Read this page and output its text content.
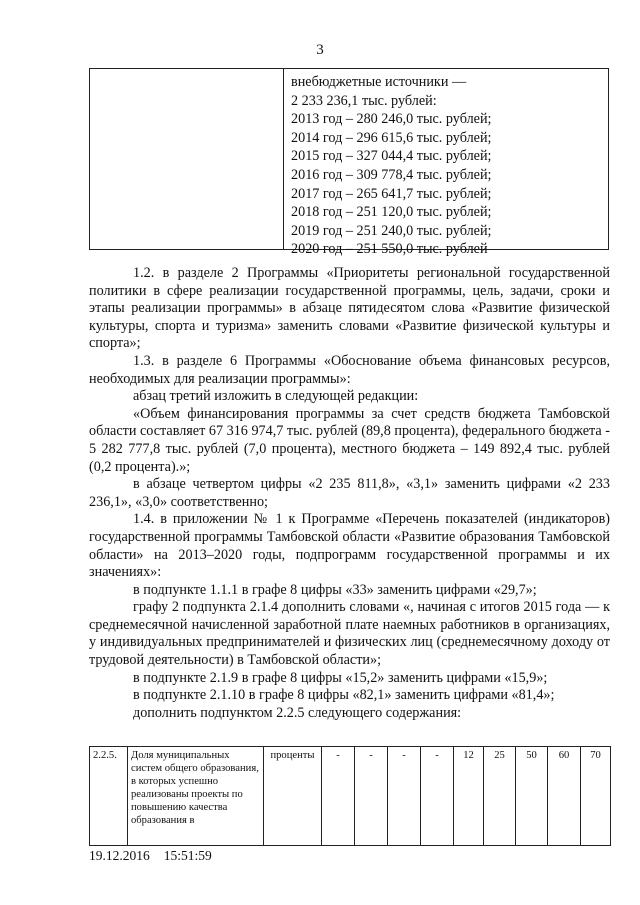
3
внебюджетные источники —
2 233 236,1 тыс. рублей:
2013 год – 280 246,0 тыс. рублей;
2014 год – 296 615,6 тыс. рублей;
2015 год – 327 044,4 тыс. рублей;
2016 год – 309 778,4 тыс. рублей;
2017 год – 265 641,7 тыс. рублей;
2018 год – 251 120,0 тыс. рублей;
2019 год – 251 240,0 тыс. рублей;
2020 год – 251 550,0 тыс. рублей

1.2. в разделе 2 Программы «Приоритеты региональной государственной политики в сфере реализации государственной программы, цель, задачи, сроки и этапы реализации программы» в абзаце пятидесятом слова «Развитие физической культуры, спорта и туризма» заменить словами «Развитие физической культуры и спорта»;

1.3. в разделе 6 Программы «Обоснование объема финансовых ресурсов, необходимых для реализации программы»:

абзац третий изложить в следующей редакции:

«Объем финансирования программы за счет средств бюджета Тамбовской области составляет 67 316 974,7 тыс. рублей (89,8 процента), федерального бюджета - 5 282 777,8 тыс. рублей (7,0 процента), местного бюджета – 149 892,4 тыс. рублей (0,2 процента).»;

в абзаце четвертом цифры «2 235 811,8», «3,1» заменить цифрами «2 233 236,1», «3,0» соответственно;

1.4. в приложении № 1 к Программе «Перечень показателей (индикаторов) государственной программы Тамбовской области «Развитие образования Тамбовской области» на 2013–2020 годы, подпрограмм государственной программы и их значениях»:

в подпункте 1.1.1 в графе 8 цифры «33» заменить цифрами «29,7»;

графу 2 подпункта 2.1.4 дополнить словами «, начиная с итогов 2015 года — к среднемесячной начисленной заработной плате наемных работников в организациях, у индивидуальных предпринимателей и физических лиц (среднемесячному доходу от трудовой деятельности) в Тамбовской области»;

в подпункте 2.1.9 в графе 8 цифры «15,2» заменить цифрами «15,9»;

в подпункте 2.1.10 в графе 8 цифры «82,1» заменить цифрами «81,4»;

дополнить подпунктом 2.2.5 следующего содержания:

2.2.5.	Доля муниципальных систем общего образования, в которых успешно реализованы проекты по повышению качества образования в	проценты	-	-	-	-	12	25	50	60	70
19.12.2016 15:51:59
